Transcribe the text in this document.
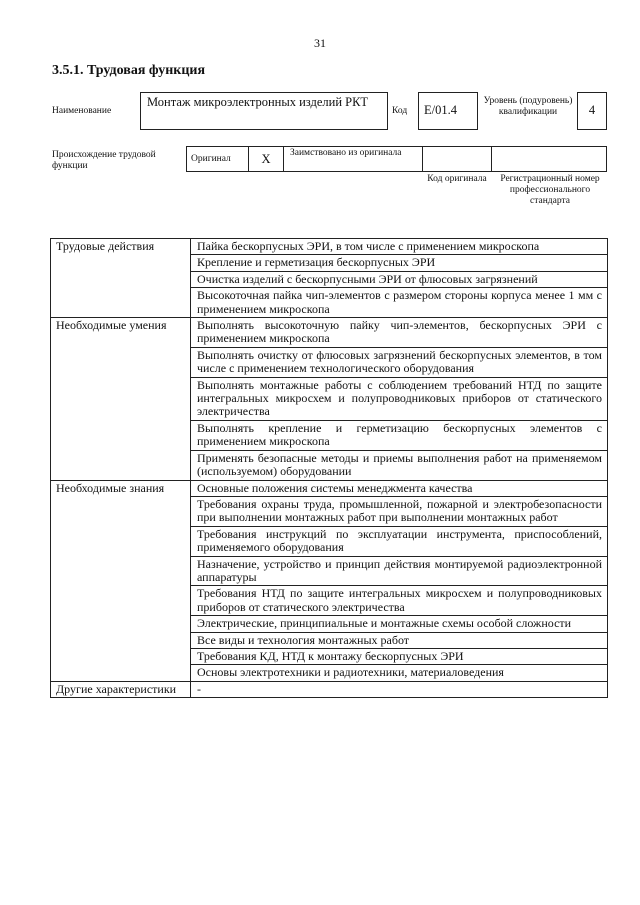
31
3.5.1. Трудовая функция
Наименование
Монтаж микроэлектронных изделий РКТ
Код	E/01.4
Уровень (подуровень) квалификации	4
Происхождение трудовой функции
Оригинал	X	Заимствовано из оригинала
Код оригинала	Регистрационный номер профессионального стандарта
Трудовые действия	Пайка бескорпусных ЭРИ, в том числе с применением микроскопа
	Крепление и герметизация бескорпусных ЭРИ
	Очистка изделий с бескорпусными ЭРИ от флюсовых загрязнений
	Высокоточная пайка чип-элементов с размером стороны корпуса менее 1 мм с применением микроскопа
Необходимые умения	Выполнять высокоточную пайку чип-элементов, бескорпусных ЭРИ с применением микроскопа
	Выполнять очистку от флюсовых загрязнений бескорпусных элементов, в том числе с применением технологического оборудования
	Выполнять монтажные работы с соблюдением требований НТД по защите интегральных микросхем и полупроводниковых приборов от статического электричества
	Выполнять крепление и герметизацию бескорпусных элементов с применением микроскопа
	Применять безопасные методы и приемы выполнения работ на применяемом (используемом) оборудовании
Необходимые знания	Основные положения системы менеджмента качества
	Требования охраны труда, промышленной, пожарной и электробезопасности при выполнении монтажных работ при выполнении монтажных работ
	Требования инструкций по эксплуатации инструмента, приспособлений, применяемого оборудования
	Назначение, устройство и принцип действия монтируемой радиоэлектронной аппаратуры
	Требования НТД по защите интегральных микросхем и полупроводниковых приборов от статического электричества
	Электрические, принципиальные и монтажные схемы особой сложности
	Все виды и технология монтажных работ
	Требования КД, НТД к монтажу бескорпусных ЭРИ
	Основы электротехники и радиотехники, материаловедения
Другие характеристики	-
